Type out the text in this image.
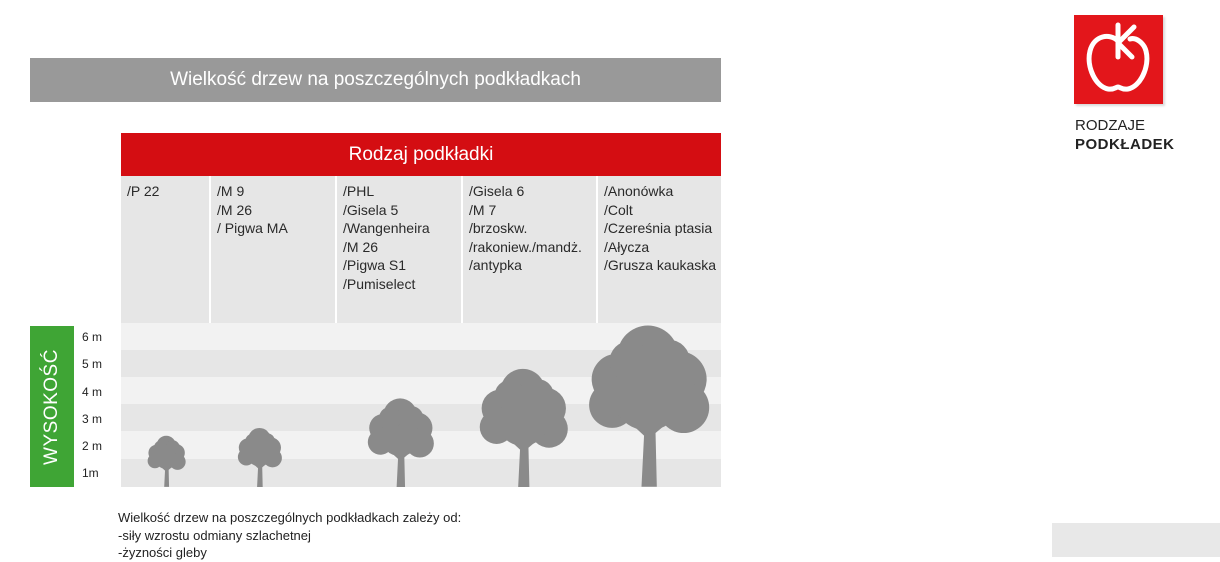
Wielkość drzew na poszczególnych podkładkach
Rodzaj podkładki
/P 22	/M 9
/M 26
/ Pigwa MA
/PHL
/Gisela 5
/Wangenheira
/M 26
/Pigwa S1
/Pumiselect
/Gisela 6
/M 7
/brzoskw.
/rakoniew./mandż.
/antypka
/Anonówka
/Colt
/Czereśnia ptasia
/Ałycza
/Grusza kaukaska
6 m
5 m
4 m
3 m
2 m
1m
WYSOKOŚĆ
Wielkość drzew na poszczególnych podkładkach zależy od:
-siły wzrostu odmiany szlachetnej
-żyzności gleby
RODZAJE
PODKŁADEK
